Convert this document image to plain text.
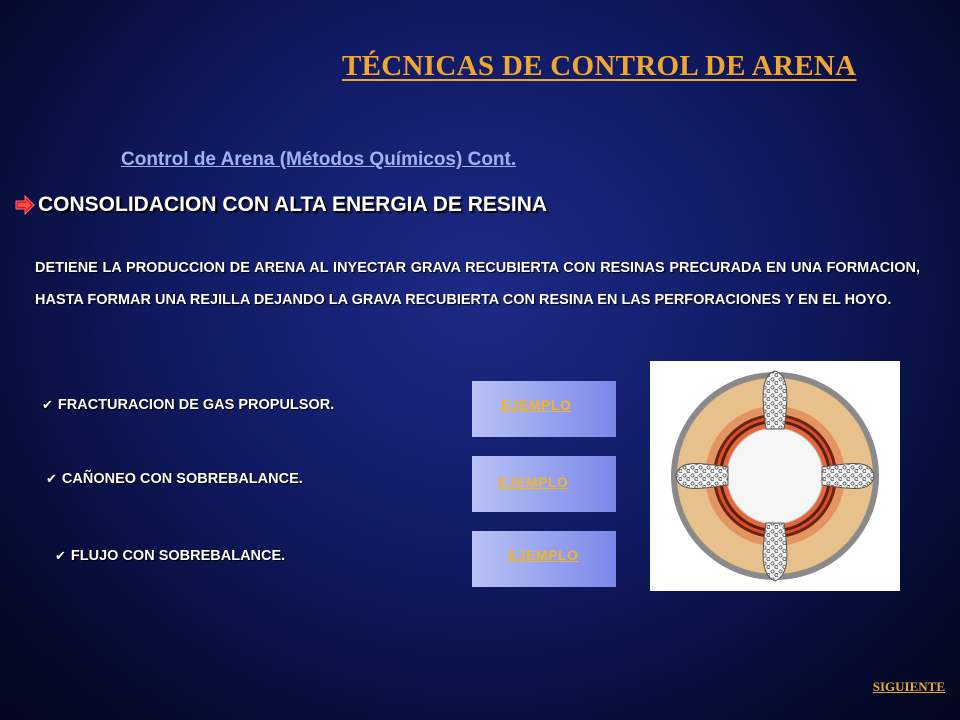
TÉCNICAS DE CONTROL DE ARENA
Control de Arena (Métodos Químicos) Cont.
CONSOLIDACION CON ALTA ENERGIA DE RESINA
DETIENE LA PRODUCCION DE ARENA AL INYECTAR GRAVA RECUBIERTA CON RESINAS PRECURADA EN UNA FORMACION, HASTA FORMAR UNA REJILLA DEJANDO LA GRAVA RECUBIERTA CON RESINA EN LAS PERFORACIONES Y EN EL HOYO.
✔ FRACTURACION DE GAS PROPULSOR.
✔ CAÑONEO CON SOBREBALANCE.
✔ FLUJO CON SOBREBALANCE.
EJEMPLO
EJEMPLO
EJEMPLO
SIGUIENTE
